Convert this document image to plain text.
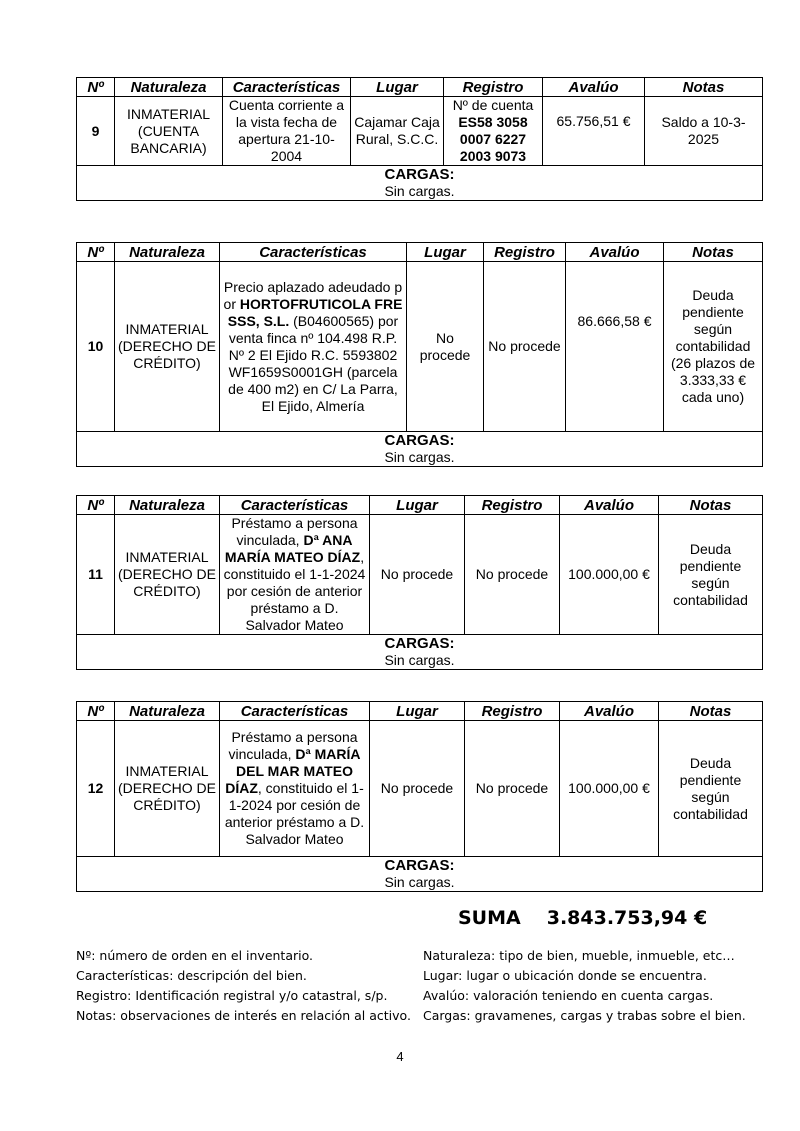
Nº	Naturaleza	Características	Lugar	Registro	Avalúo	Notas
9	INMATERIAL (CUENTA BANCARIA)	Cuenta corriente a la vista fecha de apertura 21-10-2004	Cajamar Caja Rural, S.C.C.	Nº de cuenta ES58 3058 0007 6227 2003 9073	65.756,51 €	Saldo a 10-3-2025

CARGAS:
Sin cargas.						
Nº	Naturaleza	Características	Lugar	Registro	Avalúo	Notas
10	INMATERIAL (DERECHO DE CRÉDITO)	Precio aplazado adeudado por HORTOFRUTICOLA FRESSS, S.L. (B04600565) por venta finca nº 104.498 R.P. Nº 2 El Ejido R.C. 5593802WF1659S0001GH (parcela de 400 m2) en C/ La Parra, El Ejido, Almería	No procede	No procede	86.666,58 €	Deuda pendiente según contabilidad (26 plazos de 3.333,33 € cada uno)

CARGAS:
Sin cargas.						
Nº	Naturaleza	Características	Lugar	Registro	Avalúo	Notas
11	INMATERIAL (DERECHO DE CRÉDITO)	Préstamo a persona vinculada, Dª ANA MARÍA MATEO DÍAZ, constituido el 1-1-2024 por cesión de anterior préstamo a D. Salvador Mateo	No procede	No procede	100.000,00 €	Deuda pendiente según contabilidad

CARGAS:
Sin cargas.						
Nº	Naturaleza	Características	Lugar	Registro	Avalúo	Notas
12	INMATERIAL (DERECHO DE CRÉDITO)	Préstamo a persona vinculada, Dª MARÍA DEL MAR MATEO DÍAZ, constituido el 1-1-2024 por cesión de anterior préstamo a D. Salvador Mateo	No procede	No procede	100.000,00 €	Deuda pendiente según contabilidad

CARGAS:
Sin cargas.						
SUMA 3.843.753,94 €
Nº: número de orden en el inventario.
Características: descripción del bien.
Registro: Identificación registral y/o catastral, s/p.
Notas: observaciones de interés en relación al activo.
Naturaleza: tipo de bien, mueble, inmueble, etc…
Lugar: lugar o ubicación donde se encuentra.
Avalúo: valoración teniendo en cuenta cargas.
Cargas: gravamenes, cargas y trabas sobre el bien.
4
